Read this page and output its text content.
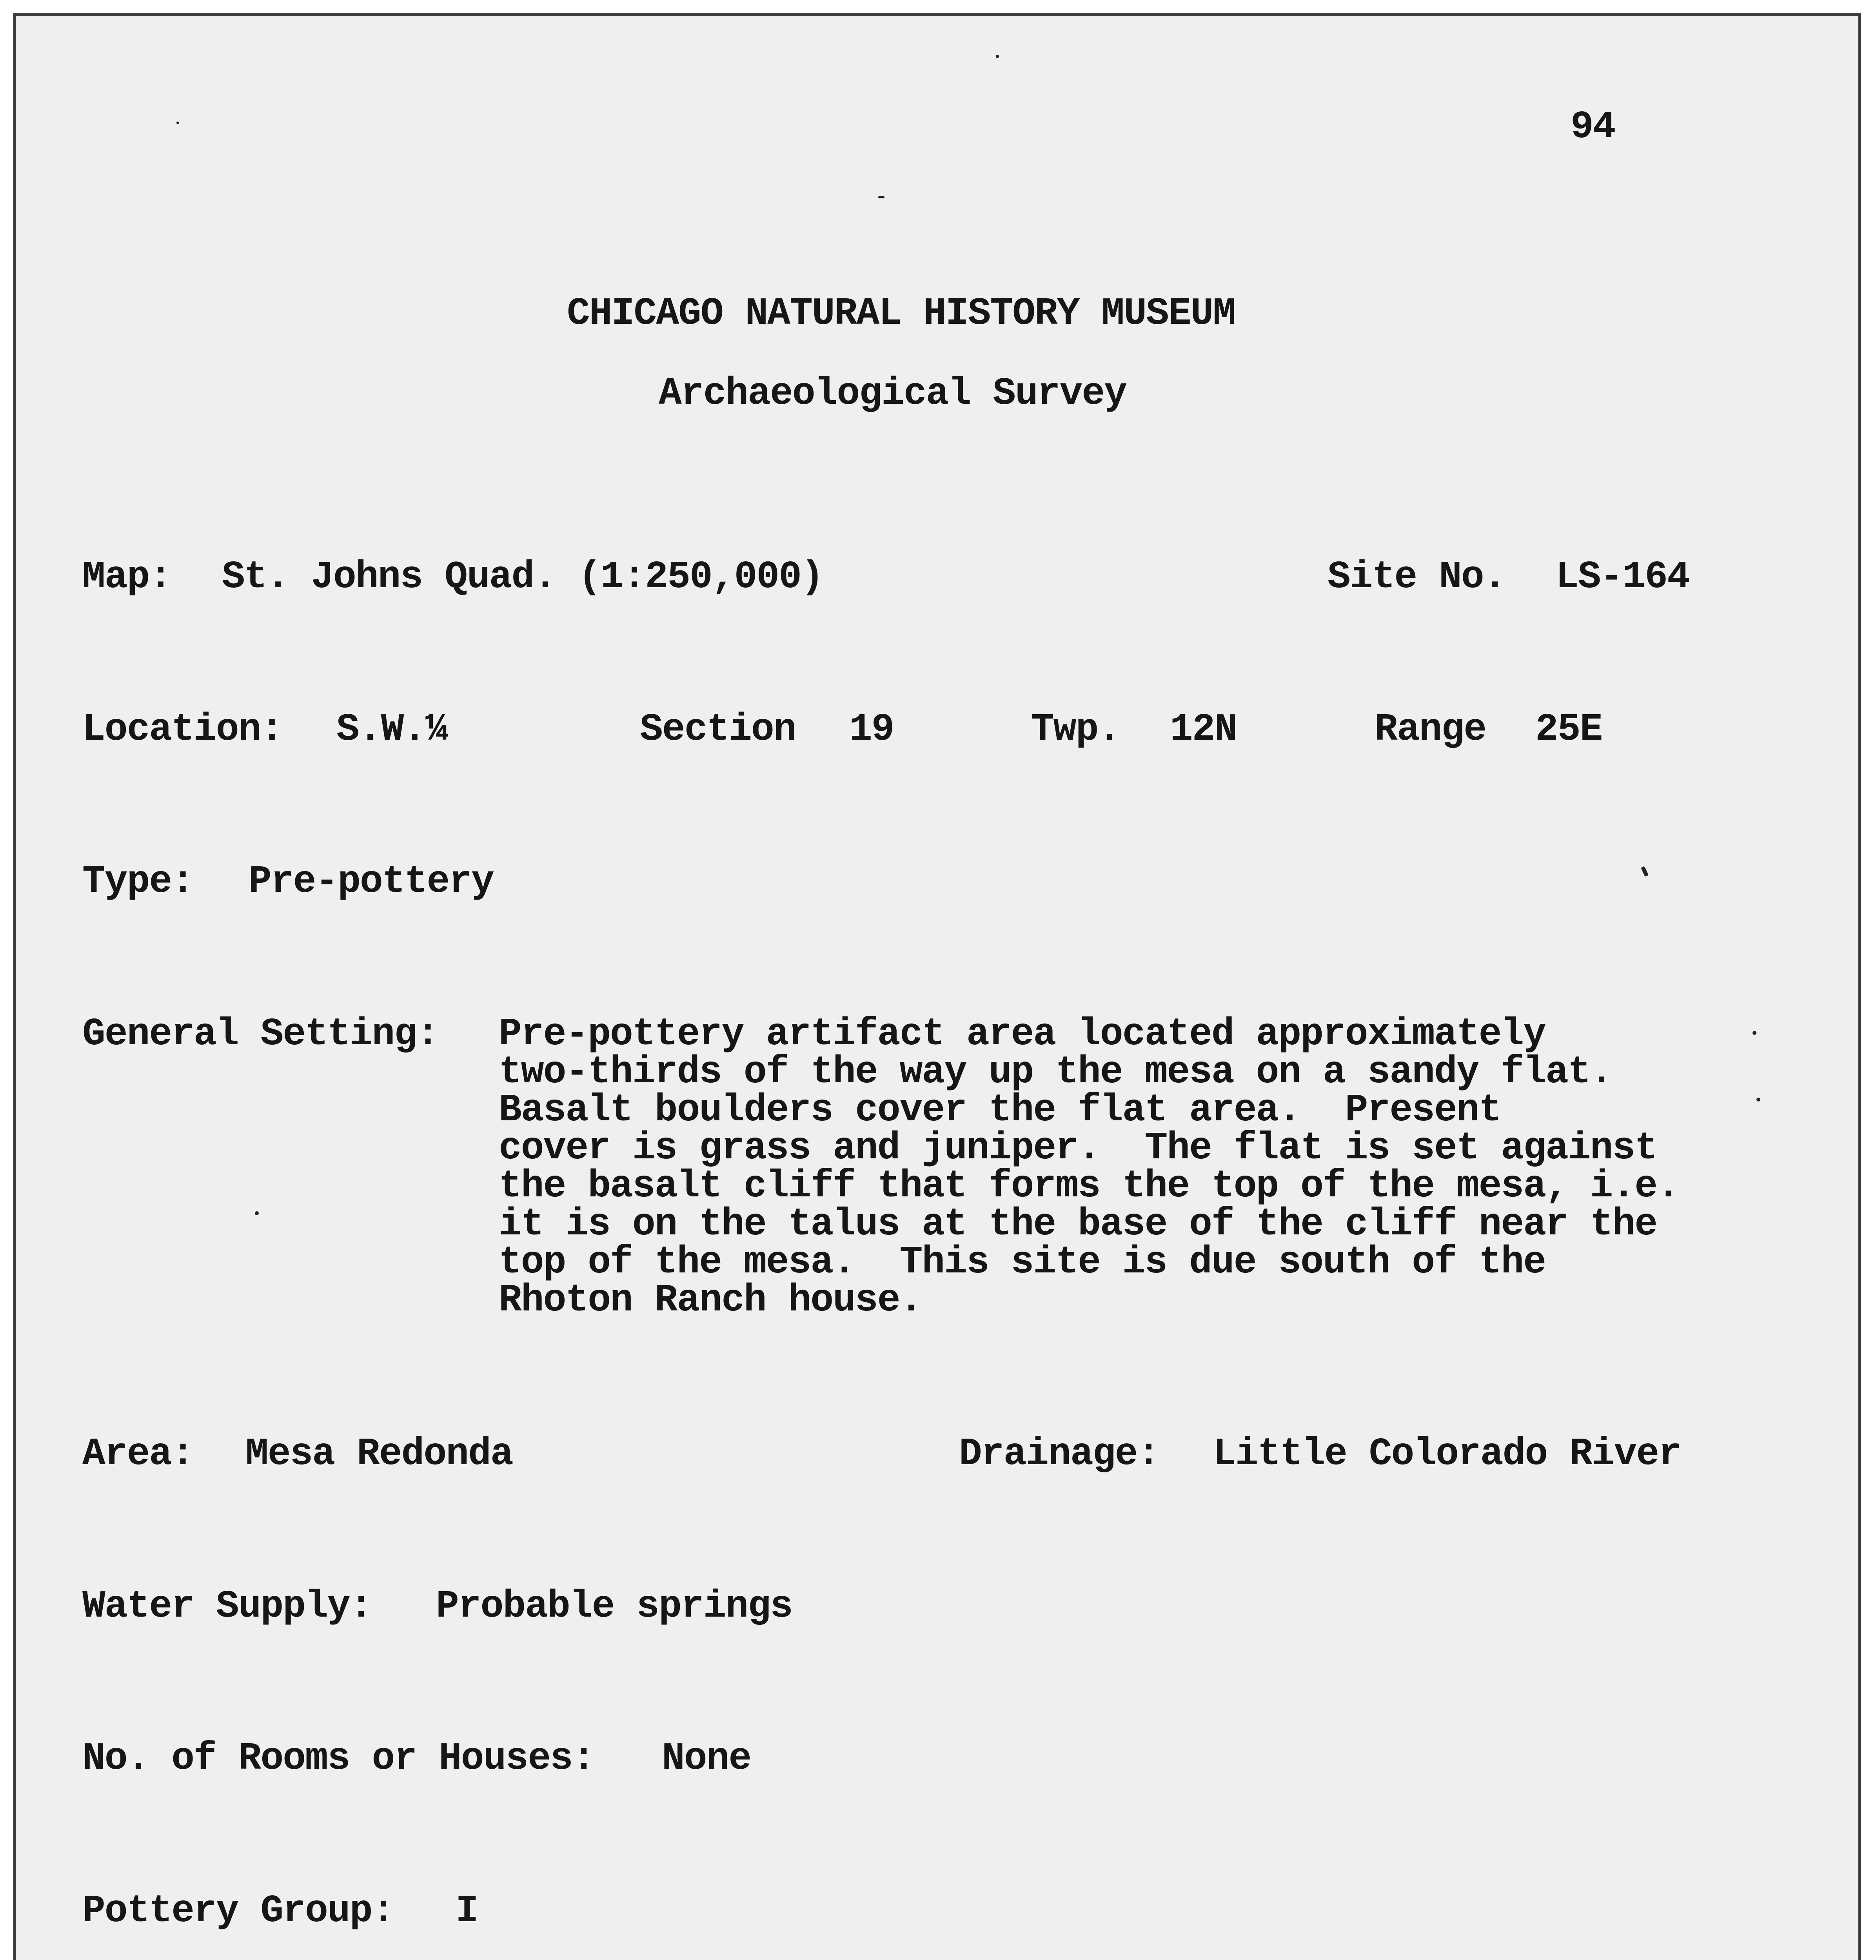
94
CHICAGO NATURAL HISTORY MUSEUM
Archaeological Survey
Map: St. Johns Quad. (1:250,000)	Site No. LS-164
Location: S.W.¼	Section 19	Twp. 12N	Range 25E
Type: Pre-pottery
General Setting: Pre-pottery artifact area located approximately
two-thirds of the way up the mesa on a sandy flat.
Basalt boulders cover the flat area.  Present
cover is grass and juniper.  The flat is set against
the basalt cliff that forms the top of the mesa, i.e.
it is on the talus at the base of the cliff near the
top of the mesa.  This site is due south of the
Rhoton Ranch house.
Area: Mesa Redonda	Drainage: Little Colorado River
Water Supply: Probable springs
No. of Rooms or Houses: None
Pottery Group: I
